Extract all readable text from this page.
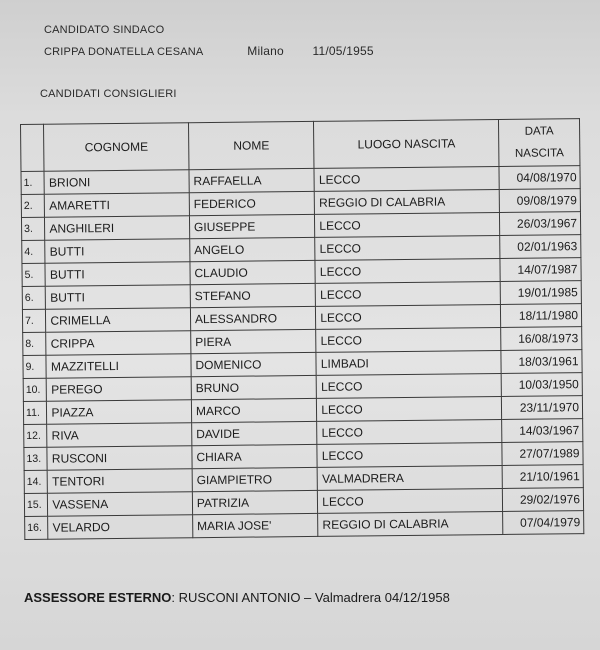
CANDIDATO SINDACO
CRIPPA DONATELLA CESANA	Milano 11/05/1955
CANDIDATI CONSIGLIERI
	COGNOME	NOME	LUOGO NASCITA	DATA
NASCITA
1.	BRIONI	RAFFAELLA	LECCO	04/08/1970
2.	AMARETTI	FEDERICO	REGGIO DI CALABRIA	09/08/1979
3.	ANGHILERI	GIUSEPPE	LECCO	26/03/1967
4.	BUTTI	ANGELO	LECCO	02/01/1963
5.	BUTTI	CLAUDIO	LECCO	14/07/1987
6.	BUTTI	STEFANO	LECCO	19/01/1985
7.	CRIMELLA	ALESSANDRO	LECCO	18/11/1980
8.	CRIPPA	PIERA	LECCO	16/08/1973
9.	MAZZITELLI	DOMENICO	LIMBADI	18/03/1961
10.	PEREGO	BRUNO	LECCO	10/03/1950
11.	PIAZZA	MARCO	LECCO	23/11/1970
12.	RIVA	DAVIDE	LECCO	14/03/1967
13.	RUSCONI	CHIARA	LECCO	27/07/1989
14.	TENTORI	GIAMPIETRO	VALMADRERA	21/10/1961
15.	VASSENA	PATRIZIA	LECCO	29/02/1976
16.	VELARDO	MARIA JOSE'	REGGIO DI CALABRIA	07/04/1979
ASSESSORE ESTERNO: RUSCONI ANTONIO – Valmadrera 04/12/1958
